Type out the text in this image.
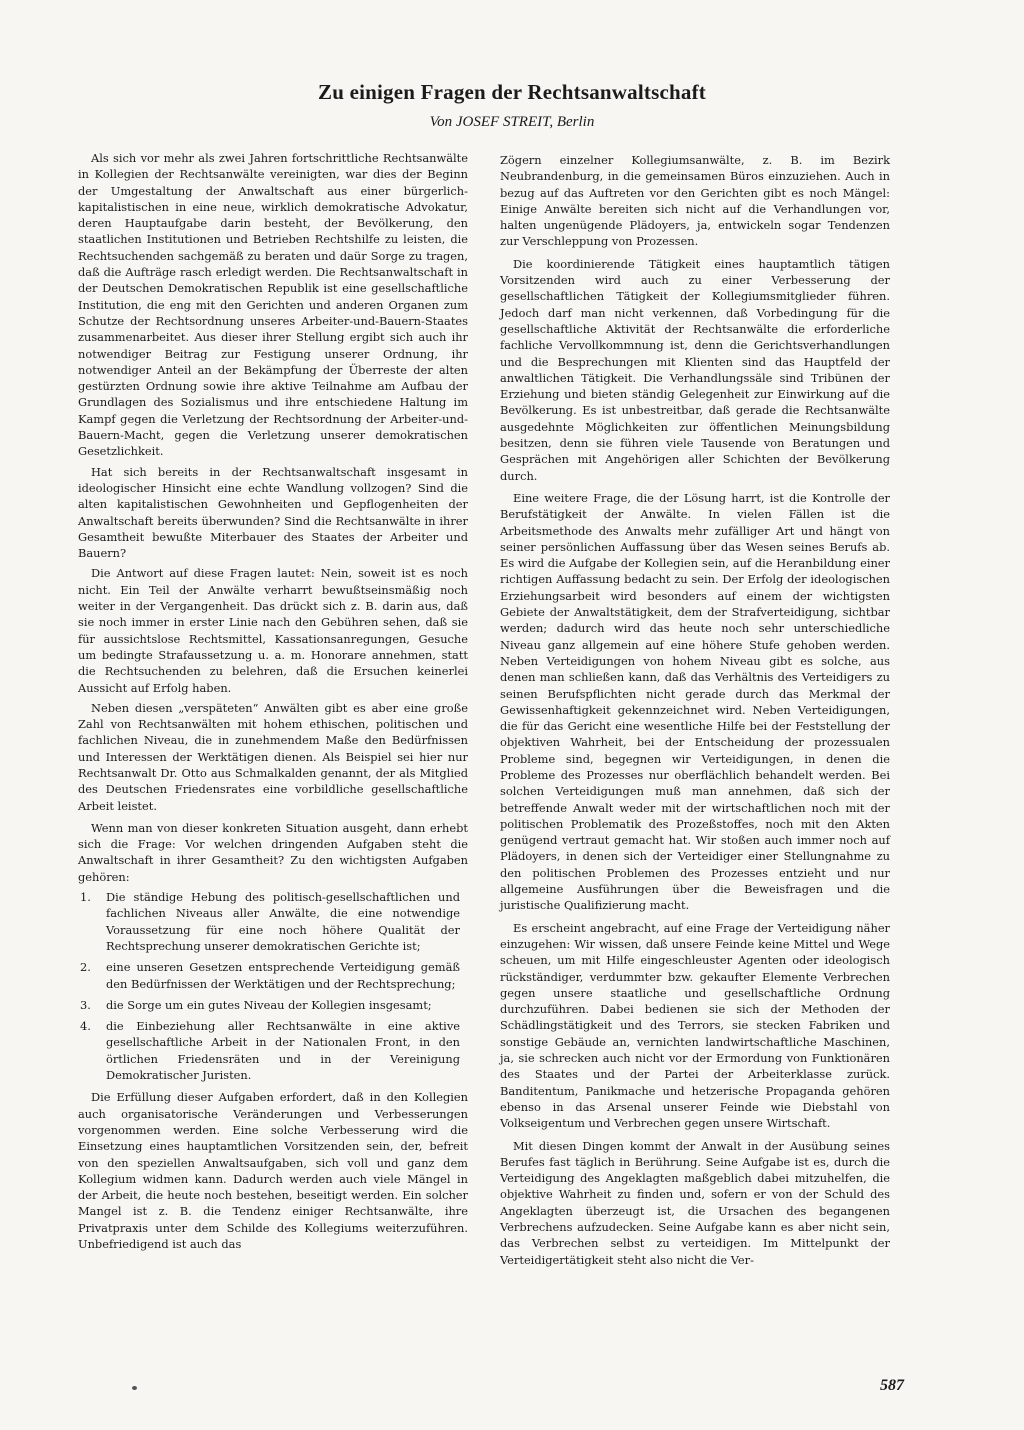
Zu einigen Fragen der Rechtsanwaltschaft
Von JOSEF STREIT, Berlin

Als sich vor mehr als zwei Jahren fortschrittliche Rechtsanwälte in Kollegien der Rechtsanwälte vereinigten, war dies der Beginn der Umgestaltung der Anwaltschaft aus einer bürgerlich-kapitalistischen in eine neue, wirklich demokratische Advokatur, deren Hauptaufgabe darin besteht, der Bevölkerung, den staatlichen Institutionen und Betrieben Rechtshilfe zu leisten, die Rechtsuchenden sachgemäß zu beraten und daür Sorge zu tragen, daß die Aufträge rasch erledigt werden. Die Rechtsanwaltschaft in der Deutschen Demokratischen Republik ist eine gesellschaftliche Institution, die eng mit den Gerichten und anderen Organen zum Schutze der Rechtsordnung unseres Arbeiter-und-Bauern-Staates zusammenarbeitet. Aus dieser ihrer Stellung ergibt sich auch ihr notwendiger Beitrag zur Festigung unserer Ordnung, ihr notwendiger Anteil an der Bekämpfung der Überreste der alten gestürzten Ordnung sowie ihre aktive Teilnahme am Aufbau der Grundlagen des Sozialismus und ihre entschiedene Haltung im Kampf gegen die Verletzung der Rechtsordnung der Arbeiter-und-Bauern-Macht, gegen die Verletzung unserer demokratischen Gesetzlichkeit.

Hat sich bereits in der Rechtsanwaltschaft insgesamt in ideologischer Hinsicht eine echte Wandlung vollzogen? Sind die alten kapitalistischen Gewohnheiten und Gepflogenheiten der Anwaltschaft bereits überwunden? Sind die Rechtsanwälte in ihrer Gesamtheit bewußte Miterbauer des Staates der Arbeiter und Bauern?

Die Antwort auf diese Fragen lautet: Nein, soweit ist es noch nicht. Ein Teil der Anwälte verharrt bewußtseinsmäßig noch weiter in der Vergangenheit. Das drückt sich z. B. darin aus, daß sie noch immer in erster Linie nach den Gebühren sehen, daß sie für aussichtslose Rechtsmittel, Kassationsanregungen, Gesuche um bedingte Strafaussetzung u. a. m. Honorare annehmen, statt die Rechtsuchenden zu belehren, daß die Ersuchen keinerlei Aussicht auf Erfolg haben.

Neben diesen „verspäteten“ Anwälten gibt es aber eine große Zahl von Rechtsanwälten mit hohem ethischen, politischen und fachlichen Niveau, die in zunehmendem Maße den Bedürfnissen und Interessen der Werktätigen dienen. Als Beispiel sei hier nur Rechtsanwalt Dr. Otto aus Schmalkalden genannt, der als Mitglied des Deutschen Friedensrates eine vorbildliche gesellschaftliche Arbeit leistet.

Wenn man von dieser konkreten Situation ausgeht, dann erhebt sich die Frage: Vor welchen dringenden Aufgaben steht die Anwaltschaft in ihrer Gesamtheit? Zu den wichtigsten Aufgaben gehören:

1.	Die ständige Hebung des politisch-gesellschaftlichen und fachlichen Niveaus aller Anwälte, die eine notwendige Voraussetzung für eine noch höhere Qualität der Rechtsprechung unserer demokratischen Gerichte ist;
2.	eine unseren Gesetzen entsprechende Verteidigung gemäß den Bedürfnissen der Werktätigen und der Rechtsprechung;
3.	die Sorge um ein gutes Niveau der Kollegien insgesamt;
4.	die Einbeziehung aller Rechtsanwälte in eine aktive gesellschaftliche Arbeit in der Nationalen Front, in den örtlichen Friedensräten und in der Vereinigung Demokratischer Juristen.

Die Erfüllung dieser Aufgaben erfordert, daß in den Kollegien auch organisatorische Veränderungen und Verbesserungen vorgenommen werden. Eine solche Verbesserung wird die Einsetzung eines hauptamtlichen Vorsitzenden sein, der, befreit von den speziellen Anwaltsaufgaben, sich voll und ganz dem Kollegium widmen kann. Dadurch werden auch viele Mängel in der Arbeit, die heute noch bestehen, beseitigt werden. Ein solcher Mangel ist z. B. die Tendenz einiger Rechtsanwälte, ihre Privatpraxis unter dem Schilde des Kollegiums weiterzuführen. Unbefriedigend ist auch das

Zögern einzelner Kollegiumsanwälte, z. B. im Bezirk Neubrandenburg, in die gemeinsamen Büros einzuziehen. Auch in bezug auf das Auftreten vor den Gerichten gibt es noch Mängel: Einige Anwälte bereiten sich nicht auf die Verhandlungen vor, halten ungenügende Plädoyers, ja, entwickeln sogar Tendenzen zur Verschleppung von Prozessen.

Die koordinierende Tätigkeit eines hauptamtlich tätigen Vorsitzenden wird auch zu einer Verbesserung der gesellschaftlichen Tätigkeit der Kollegiumsmitglieder führen. Jedoch darf man nicht verkennen, daß Vorbedingung für die gesellschaftliche Aktivität der Rechtsanwälte die erforderliche fachliche Vervollkommnung ist, denn die Gerichtsverhandlungen und die Besprechungen mit Klienten sind das Hauptfeld der anwaltlichen Tätigkeit. Die Verhandlungssäle sind Tribünen der Erziehung und bieten ständig Gelegenheit zur Einwirkung auf die Bevölkerung. Es ist unbestreitbar, daß gerade die Rechtsanwälte ausgedehnte Möglichkeiten zur öffentlichen Meinungsbildung besitzen, denn sie führen viele Tausende von Beratungen und Gesprächen mit Angehörigen aller Schichten der Bevölkerung durch.

Eine weitere Frage, die der Lösung harrt, ist die Kontrolle der Berufstätigkeit der Anwälte. In vielen Fällen ist die Arbeitsmethode des Anwalts mehr zufälliger Art und hängt von seiner persönlichen Auffassung über das Wesen seines Berufs ab. Es wird die Aufgabe der Kollegien sein, auf die Heranbildung einer richtigen Auffassung bedacht zu sein. Der Erfolg der ideologischen Erziehungsarbeit wird besonders auf einem der wichtigsten Gebiete der Anwaltstätigkeit, dem der Strafverteidigung, sichtbar werden; dadurch wird das heute noch sehr unterschiedliche Niveau ganz allgemein auf eine höhere Stufe gehoben werden. Neben Verteidigungen von hohem Niveau gibt es solche, aus denen man schließen kann, daß das Verhältnis des Verteidigers zu seinen Berufspflichten nicht gerade durch das Merkmal der Gewissenhaftigkeit gekennzeichnet wird. Neben Verteidigungen, die für das Gericht eine wesentliche Hilfe bei der Feststellung der objektiven Wahrheit, bei der Entscheidung der prozessualen Probleme sind, begegnen wir Verteidigungen, in denen die Probleme des Prozesses nur oberflächlich behandelt werden. Bei solchen Verteidigungen muß man annehmen, daß sich der betreffende Anwalt weder mit der wirtschaftlichen noch mit der politischen Problematik des Prozeßstoffes, noch mit den Akten genügend vertraut gemacht hat. Wir stoßen auch immer noch auf Plädoyers, in denen sich der Verteidiger einer Stellungnahme zu den politischen Problemen des Prozesses entzieht und nur allgemeine Ausführungen über die Beweisfragen und die juristische Qualifizierung macht.

Es erscheint angebracht, auf eine Frage der Verteidigung näher einzugehen: Wir wissen, daß unsere Feinde keine Mittel und Wege scheuen, um mit Hilfe eingeschleuster Agenten oder ideologisch rückständiger, verdummter bzw. gekaufter Elemente Verbrechen gegen unsere staatliche und gesellschaftliche Ordnung durchzuführen. Dabei bedienen sie sich der Methoden der Schädlingstätigkeit und des Terrors, sie stecken Fabriken und sonstige Gebäude an, vernichten landwirtschaftliche Maschinen, ja, sie schrecken auch nicht vor der Ermordung von Funktionären des Staates und der Partei der Arbeiterklasse zurück. Banditentum, Panikmache und hetzerische Propaganda gehören ebenso in das Arsenal unserer Feinde wie Diebstahl von Volkseigentum und Verbrechen gegen unsere Wirtschaft.

Mit diesen Dingen kommt der Anwalt in der Ausübung seines Berufes fast täglich in Berührung. Seine Aufgabe ist es, durch die Verteidigung des Angeklagten maßgeblich dabei mitzuhelfen, die objektive Wahrheit zu finden und, sofern er von der Schuld des Angeklagten überzeugt ist, die Ursachen des begangenen Verbrechens aufzudecken. Seine Aufgabe kann es aber nicht sein, das Verbrechen selbst zu verteidigen. Im Mittelpunkt der Verteidigertätigkeit steht also nicht die Ver-

587
